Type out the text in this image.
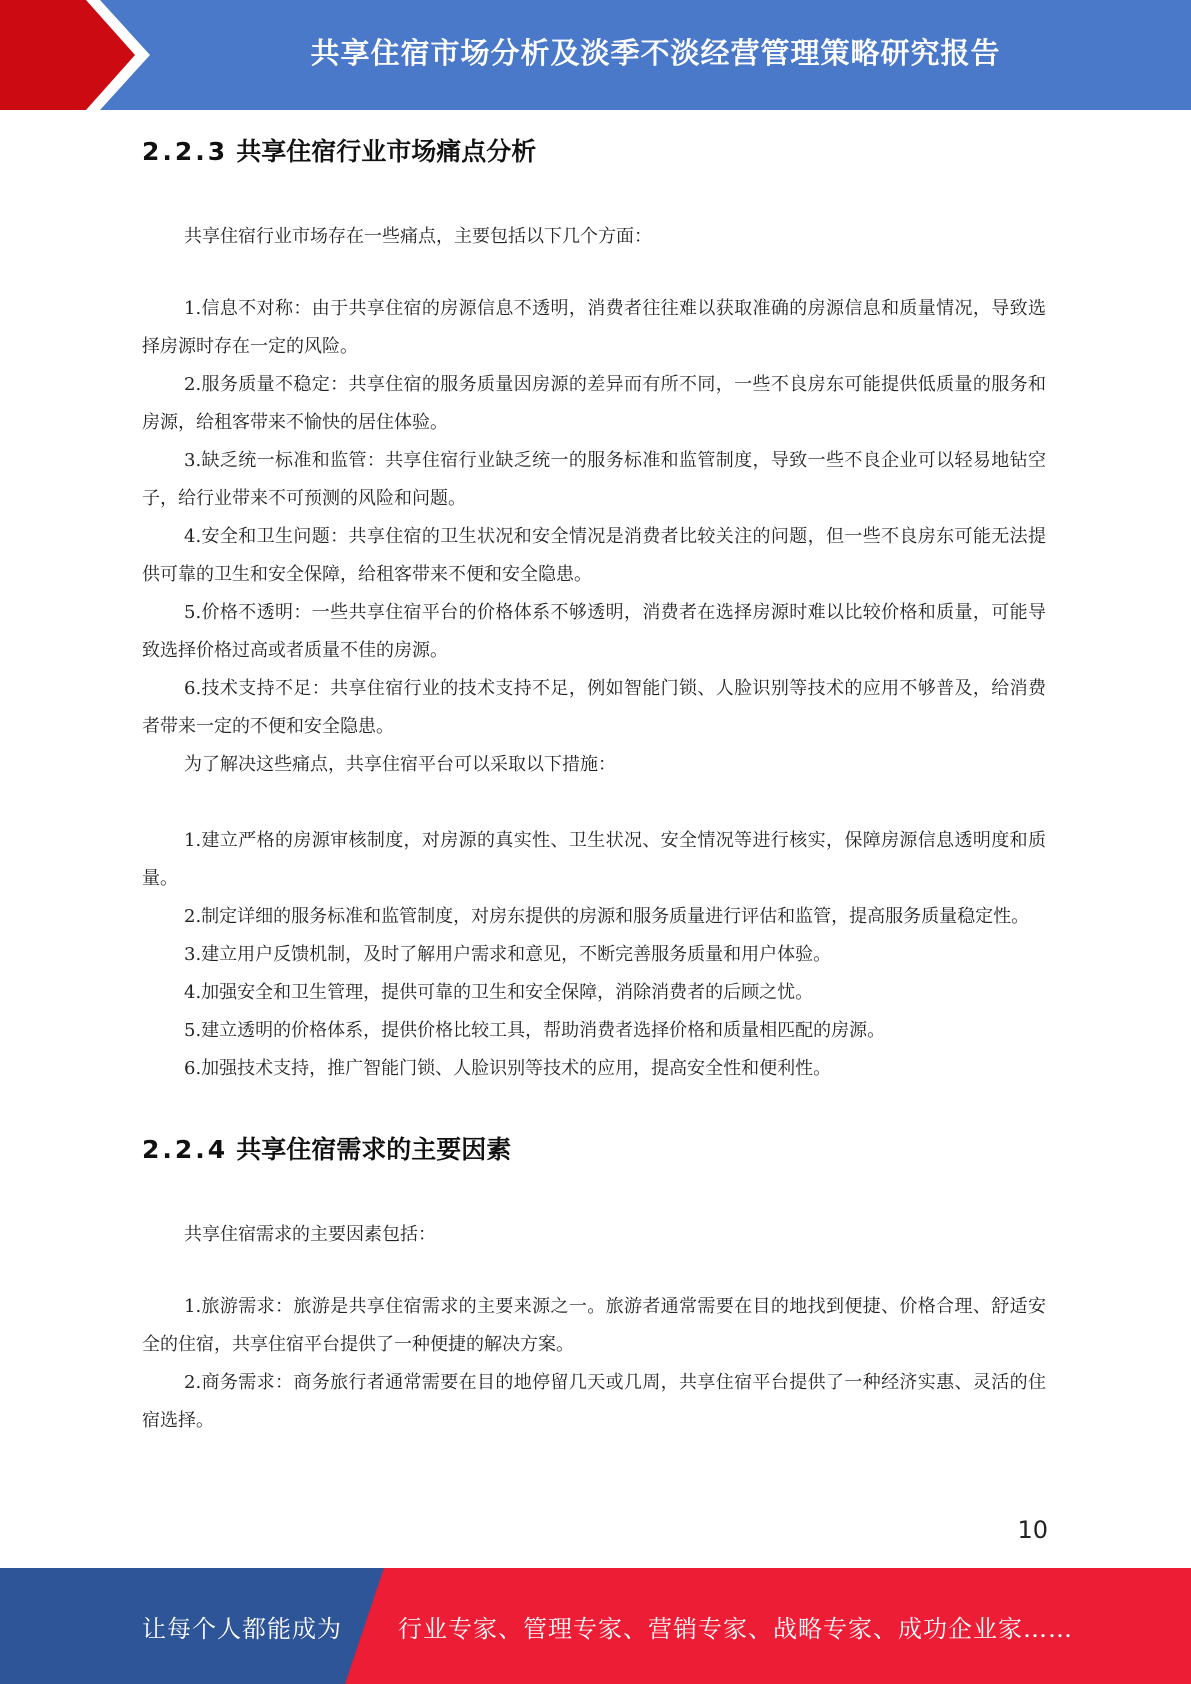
共享住宿市场分析及淡季不淡经营管理策略研究报告
2.2.3 共享住宿行业市场痛点分析

共享住宿行业市场存在一些痛点，主要包括以下几个方面：

1.信息不对称：由于共享住宿的房源信息不透明，消费者往往难以获取准确的房源信息和质量情况，导致选择房源时存在一定的风险。

2.服务质量不稳定：共享住宿的服务质量因房源的差异而有所不同，一些不良房东可能提供低质量的服务和房源，给租客带来不愉快的居住体验。

3.缺乏统一标准和监管：共享住宿行业缺乏统一的服务标准和监管制度，导致一些不良企业可以轻易地钻空子，给行业带来不可预测的风险和问题。

4.安全和卫生问题：共享住宿的卫生状况和安全情况是消费者比较关注的问题，但一些不良房东可能无法提供可靠的卫生和安全保障，给租客带来不便和安全隐患。

5.价格不透明：一些共享住宿平台的价格体系不够透明，消费者在选择房源时难以比较价格和质量，可能导致选择价格过高或者质量不佳的房源。

6.技术支持不足：共享住宿行业的技术支持不足，例如智能门锁、人脸识别等技术的应用不够普及，给消费者带来一定的不便和安全隐患。

为了解决这些痛点，共享住宿平台可以采取以下措施：

1.建立严格的房源审核制度，对房源的真实性、卫生状况、安全情况等进行核实，保障房源信息透明度和质量。

2.制定详细的服务标准和监管制度，对房东提供的房源和服务质量进行评估和监管，提高服务质量稳定性。

3.建立用户反馈机制，及时了解用户需求和意见，不断完善服务质量和用户体验。

4.加强安全和卫生管理，提供可靠的卫生和安全保障，消除消费者的后顾之忧。

5.建立透明的价格体系，提供价格比较工具，帮助消费者选择价格和质量相匹配的房源。

6.加强技术支持，推广智能门锁、人脸识别等技术的应用，提高安全性和便利性。

2.2.4 共享住宿需求的主要因素

共享住宿需求的主要因素包括：

1.旅游需求：旅游是共享住宿需求的主要来源之一。旅游者通常需要在目的地找到便捷、价格合理、舒适安全的住宿，共享住宿平台提供了一种便捷的解决方案。

2.商务需求：商务旅行者通常需要在目的地停留几天或几周，共享住宿平台提供了一种经济实惠、灵活的住宿选择。

10
让每个人都能成为 行业专家、管理专家、营销专家、战略专家、成功企业家……
